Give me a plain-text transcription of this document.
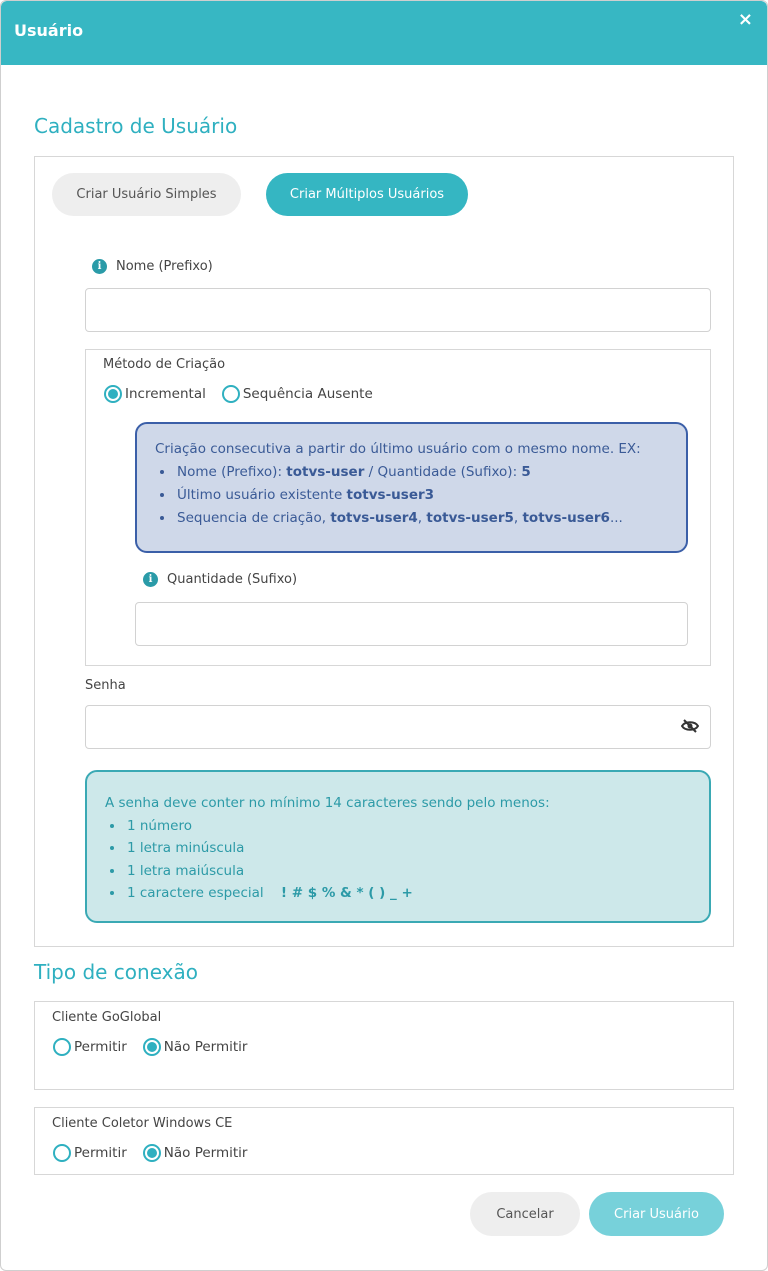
Usuário
×
Cadastro de Usuário
Criar Usuário Simples	Criar Múltiplos Usuários
i	Nome (Prefixo)
Método de Criação
Incremental	Sequência Ausente
Criação consecutiva a partir do último usuário com o mesmo nome. EX:
• Nome (Prefixo): totvs-user / Quantidade (Sufixo): 5
• Último usuário existente totvs-user3
• Sequencia de criação, totvs-user4, totvs-user5, totvs-user6...
i	Quantidade (Sufixo)
Senha
A senha deve conter no mínimo 14 caracteres sendo pelo menos:
• 1 número
• 1 letra minúscula
• 1 letra maiúscula
• 1 caractere especial ! # $ % & * ( ) _ +
Tipo de conexão
Cliente GoGlobal
Permitir	Não Permitir
Cliente Coletor Windows CE
Permitir	Não Permitir
Cancelar	Criar Usuário
